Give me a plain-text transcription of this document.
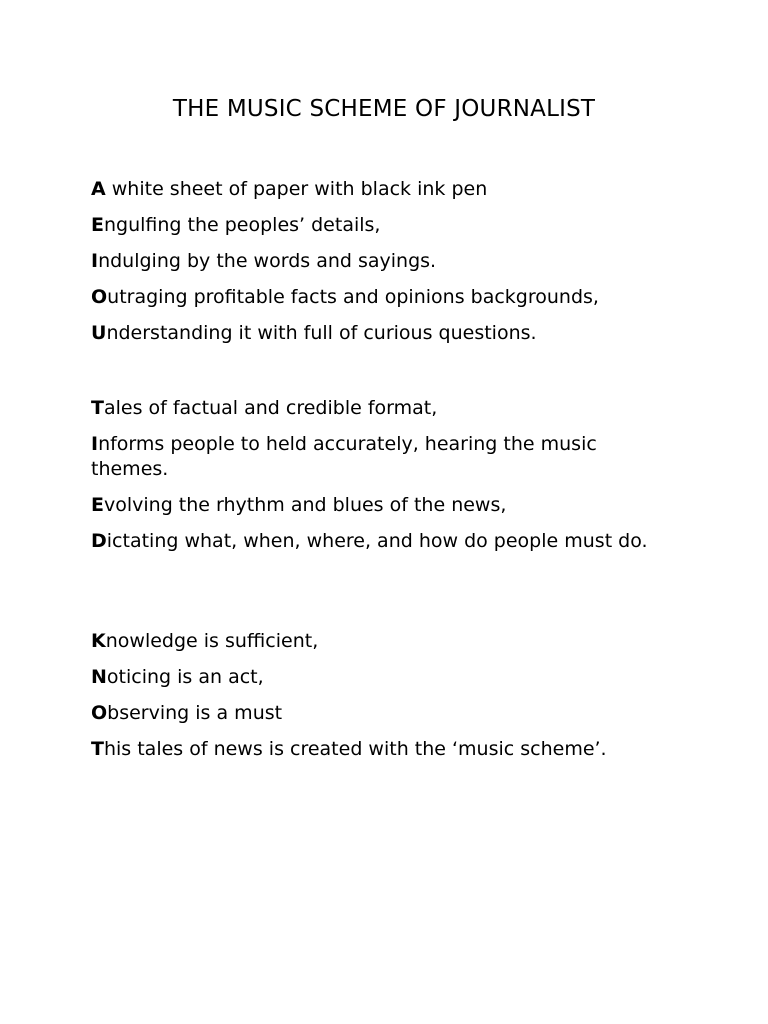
THE MUSIC SCHEME OF JOURNALIST

A white sheet of paper with black ink pen

Engulfing the peoples’ details,

Indulging by the words and sayings.

Outraging profitable facts and opinions backgrounds,

Understanding it with full of curious questions.

Tales of factual and credible format,

Informs people to held accurately, hearing the music themes.

Evolving the rhythm and blues of the news,

Dictating what, when, where, and how do people must do.

Knowledge is sufficient,

Noticing is an act,

Observing is a must

This tales of news is created with the ‘music scheme’.
